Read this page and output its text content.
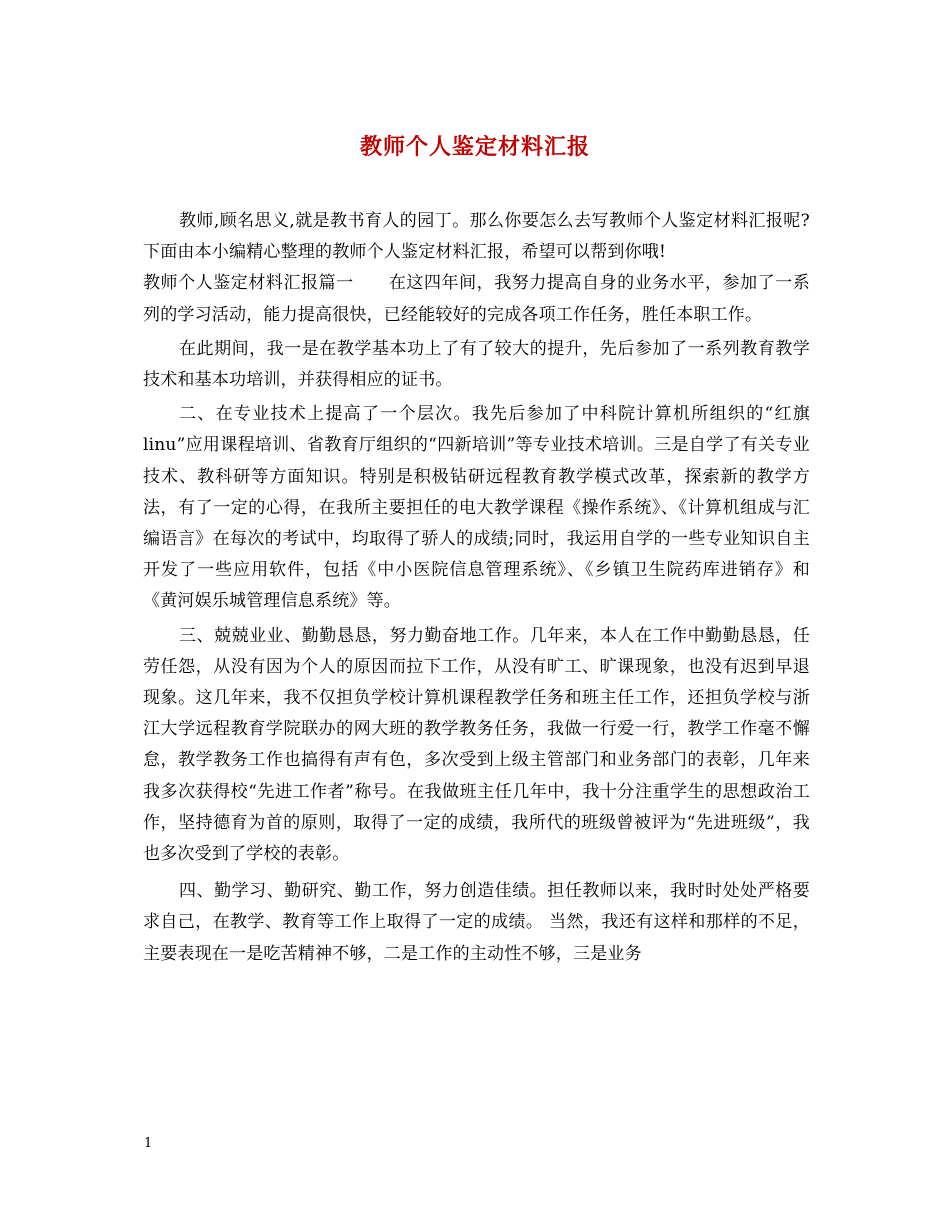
教师个人鉴定材料汇报

教师,顾名思义,就是教书育人的园丁。那么你要怎么去写教师个人鉴定材料汇报呢?下面由本小编精心整理的教师个人鉴定材料汇报，希望可以帮到你哦!

教师个人鉴定材料汇报篇一　　在这四年间，我努力提高自身的业务水平，参加了一系列的学习活动，能力提高很快，已经能较好的完成各项工作任务，胜任本职工作。

在此期间，我一是在教学基本功上了有了较大的提升，先后参加了一系列教育教学技术和基本功培训，并获得相应的证书。

二、在专业技术上提高了一个层次。我先后参加了中科院计算机所组织的“红旗linu”应用课程培训、省教育厅组织的“四新培训”等专业技术培训。三是自学了有关专业技术、教科研等方面知识。特别是积极钻研远程教育教学模式改革，探索新的教学方法，有了一定的心得，在我所主要担任的电大教学课程《操作系统》、《计算机组成与汇编语言》在每次的考试中，均取得了骄人的成绩;同时，我运用自学的一些专业知识自主开发了一些应用软件，包括《中小医院信息管理系统》、《乡镇卫生院药库进销存》和《黄河娱乐城管理信息系统》等。

三、兢兢业业、勤勤恳恳，努力勤奋地工作。几年来，本人在工作中勤勤恳恳，任劳任怨，从没有因为个人的原因而拉下工作，从没有旷工、旷课现象，也没有迟到早退现象。这几年来，我不仅担负学校计算机课程教学任务和班主任工作，还担负学校与浙江大学远程教育学院联办的网大班的教学教务任务，我做一行爱一行，教学工作毫不懈怠，教学教务工作也搞得有声有色，多次受到上级主管部门和业务部门的表彰，几年来我多次获得校“先进工作者”称号。在我做班主任几年中，我十分注重学生的思想政治工作，坚持德育为首的原则，取得了一定的成绩，我所代的班级曾被评为“先进班级”，我也多次受到了学校的表彰。

四、勤学习、勤研究、勤工作，努力创造佳绩。担任教师以来，我时时处处严格要求自己，在教学、教育等工作上取得了一定的成绩。 当然，我还有这样和那样的不足，主要表现在一是吃苦精神不够，二是工作的主动性不够，三是业务

1
